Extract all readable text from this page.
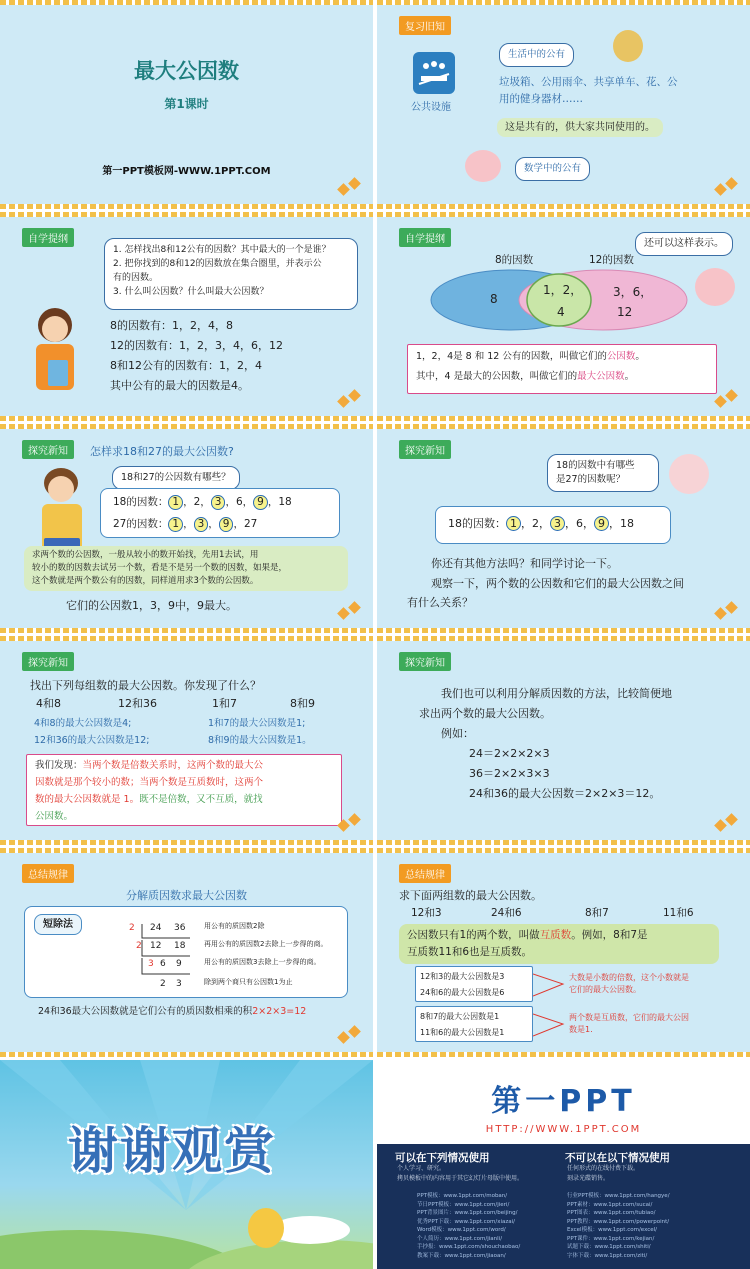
最大公因数
第1课时
第一PPT模板网-WWW.1PPT.COM
复习旧知
公共设施
生活中的公有
垃圾箱、公用雨伞、共享单车、花、公
用的健身器材……
这是共有的，供大家共同使用的。
数学中的公有
自学提纲
1. 怎样找出8和12公有的因数？其中最大的一个是谁？
2. 把你找到的8和12的因数放在集合圈里，并表示公
有的因数。
3. 什么叫公因数？什么叫最大公因数？
8的因数有：1，2，4，8
12的因数有：1，2，3，4，6，12
8和12公有的因数有：1，2，4
其中公有的最大的因数是4。
自学提纲	还可以这样表示。
8的因数	12的因数
8
1，2，
4
3，6，
12
1，2，4是 8 和 12 公有的因数，叫做它们的公因数。
其中，4 是最大的公因数，叫做它们的最大公因数。
探究新知	怎样求18和27的最大公因数?
18和27的公因数有哪些？
18的因数： 1 ，2， 3 ，6， 9 ，18
27的因数： 1 ， 3 ， 9 ，27
求两个数的公因数，一般从较小的数开始找，先用1去试，用
较小的数的因数去试另一个数，看是不是另一个数的因数，如果是，
这个数就是两个数公有的因数，同样道用求3个数的公因数。
它们的公因数1，3，9中，9最大。
探究新知
18的因数中有哪些
是27的因数呢？
18的因数： 1 ，2， 3 ，6， 9 ，18
你还有其他方法吗？和同学讨论一下。
观察一下，两个数的公因数和它们的最大公因数之间
有什么关系？
探究新知
找出下列每组数的最大公因数。你发现了什么？
4和8	12和36	1和7	8和9
4和8的最大公因数是4;
12和36的最大公因数是12;
1和7的最大公因数是1;
8和9的最大公因数是1。
我们发现：当两个数是倍数关系时，这两个数的最大公
因数就是那个较小的数；当两个数是互质数时，这两个
数的最大公因数就是 1。既不是倍数，又不互质，就找
公因数。
探究新知
我们也可以利用分解质因数的方法，比较简便地
求出两个数的最大公因数。
例如：
24＝2×2×2×3
36＝2×2×3×3
24和36的最大公因数＝2×2×3＝12。
总结规律
分解质因数求最大公因数
短除法	2 24 36
2 12 18
3 6 9
2 3
用公有的质因数2除
再用公有的质因数2去除上一步得的商。
用公有的质因数3去除上一步得的商。
除到两个商只有公因数1为止
24和36最大公因数就是它们公有的质因数相乘的积2×2×3=12
总结规律
求下面两组数的最大公因数。
12和3	24和6	8和7	11和6
公因数只有1的两个数，叫做互质数。例如，8和7是
互质数11和6也是互质数。
12和3的最大公因数是3
24和6的最大公因数是6
8和7的最大公因数是1
11和6的最大公因数是1
大数是小数的倍数，这个小数就是
它们的最大公因数。
两个数是互质数，它们的最大公因
数是1.
谢谢观赏
第一PPT
HTTP://WWW.1PPT.COM
可以在下列情况使用	不可以在以下情况使用
个人学习、研究。
拷贝模板中的内容用于其它幻灯片母版中使用。
任何形式的在线付费下载。
刻录光碟销售。
PPT模板：www.1ppt.com/moban/
节日PPT模板：www.1ppt.com/jieri/
PPT背景图片：www.1ppt.com/beijing/
优秀PPT下载：www.1ppt.com/xiazai/
Word模板：www.1ppt.com/word/
个人简历：www.1ppt.com/jianli/
手抄报：www.1ppt.com/shouchaobao/
教案下载：www.1ppt.com/jiaoan/
行业PPT模板：www.1ppt.com/hangye/
PPT素材：www.1ppt.com/sucai/
PPT图表：www.1ppt.com/tubiao/
PPT教程：www.1ppt.com/powerpoint/
Excel模板：www.1ppt.com/excel/
PPT课件：www.1ppt.com/kejian/
试题下载：www.1ppt.com/shiti/
字体下载：www.1ppt.com/ziti/
